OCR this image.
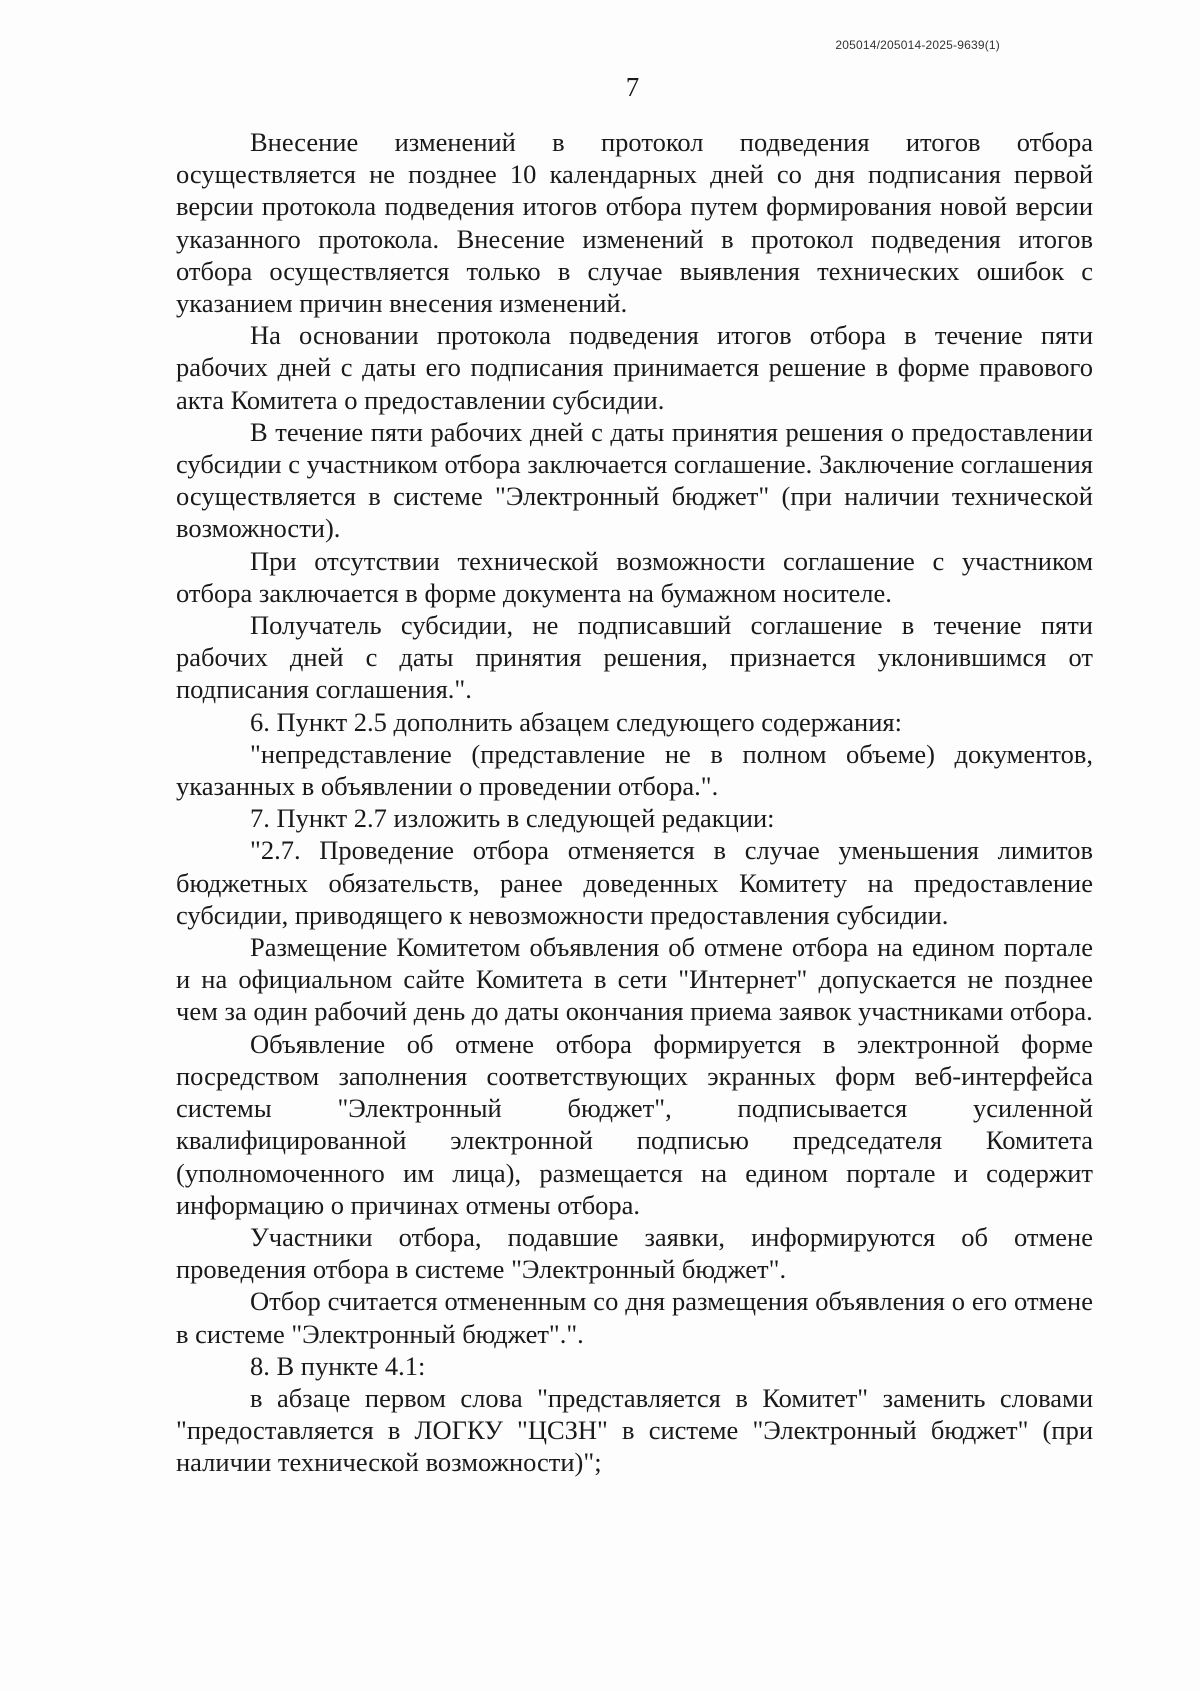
205014/205014-2025-9639(1)
7

Внесение изменений в протокол подведения итогов отбора осуществляется не позднее 10 календарных дней со дня подписания первой версии протокола подведения итогов отбора путем формирования новой версии указанного протокола. Внесение изменений в протокол подведения итогов отбора осуществляется только в случае выявления технических ошибок с указанием причин внесения изменений.

На основании протокола подведения итогов отбора в течение пяти рабочих дней с даты его подписания принимается решение в форме правового акта Комитета о предоставлении субсидии.

В течение пяти рабочих дней с даты принятия решения о предоставлении субсидии с участником отбора заключается соглашение. Заключение соглашения осуществляется в системе "Электронный бюджет" (при наличии технической возможности).

При отсутствии технической возможности соглашение с участником отбора заключается в форме документа на бумажном носителе.

Получатель субсидии, не подписавший соглашение в течение пяти рабочих дней с даты принятия решения, признается уклонившимся от подписания соглашения.".

6. Пункт 2.5 дополнить абзацем следующего содержания:

"непредставление (представление не в полном объеме) документов, указанных в объявлении о проведении отбора.".

7. Пункт 2.7 изложить в следующей редакции:

"2.7. Проведение отбора отменяется в случае уменьшения лимитов бюджетных обязательств, ранее доведенных Комитету на предоставление субсидии, приводящего к невозможности предоставления субсидии.

Размещение Комитетом объявления об отмене отбора на едином портале и на официальном сайте Комитета в сети "Интернет" допускается не позднее чем за один рабочий день до даты окончания приема заявок участниками отбора.

Объявление об отмене отбора формируется в электронной форме посредством заполнения соответствующих экранных форм веб-интерфейса системы "Электронный бюджет", подписывается усиленной квалифицированной электронной подписью председателя Комитета (уполномоченного им лица), размещается на едином портале и содержит информацию о причинах отмены отбора.

Участники отбора, подавшие заявки, информируются об отмене проведения отбора в системе "Электронный бюджет".

Отбор считается отмененным со дня размещения объявления о его отмене в системе "Электронный бюджет".".

8. В пункте 4.1:

в абзаце первом слова "представляется в Комитет" заменить словами "предоставляется в ЛОГКУ "ЦСЗН" в системе "Электронный бюджет" (при наличии технической возможности)";
